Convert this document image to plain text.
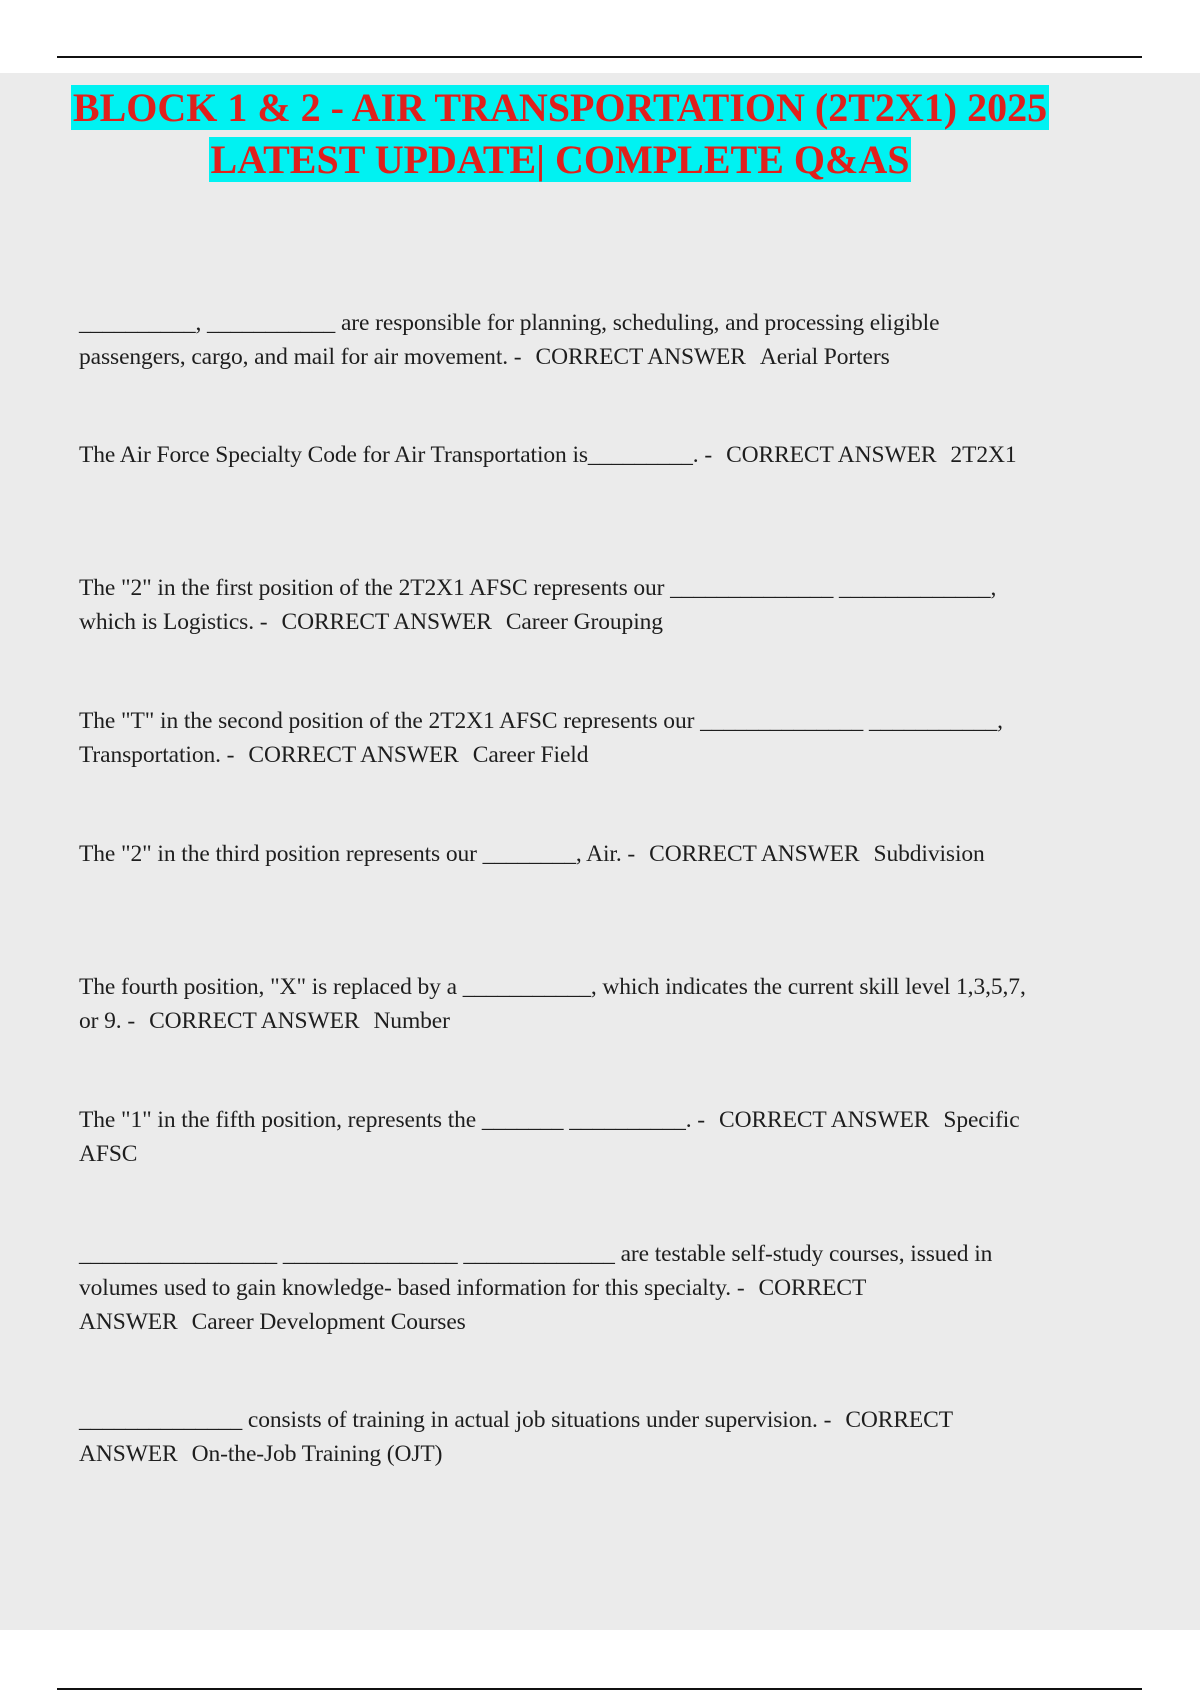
BLOCK 1 & 2 - AIR TRANSPORTATION (2T2X1) 2025
LATEST UPDATE| COMPLETE Q&AS

__________, ___________ are responsible for planning, scheduling, and processing eligible passengers, cargo, and mail for air movement. - CORRECT ANSWER Aerial Porters

The Air Force Specialty Code for Air Transportation is_________. - CORRECT ANSWER 2T2X1

The "2" in the first position of the 2T2X1 AFSC represents our ______________ _____________, which is Logistics. - CORRECT ANSWER Career Grouping

The "T" in the second position of the 2T2X1 AFSC represents our ______________ ___________, Transportation. - CORRECT ANSWER Career Field

The "2" in the third position represents our ________, Air. - CORRECT ANSWER Subdivision

The fourth position, "X" is replaced by a ___________, which indicates the current skill level 1,3,5,7, or 9. - CORRECT ANSWER Number

The "1" in the fifth position, represents the _______ __________. - CORRECT ANSWER Specific AFSC

_________________ _______________ _____________ are testable self-study courses, issued in volumes used to gain knowledge- based information for this specialty. - CORRECT ANSWER Career Development Courses

______________ consists of training in actual job situations under supervision. - CORRECT ANSWER On-the-Job Training (OJT)
